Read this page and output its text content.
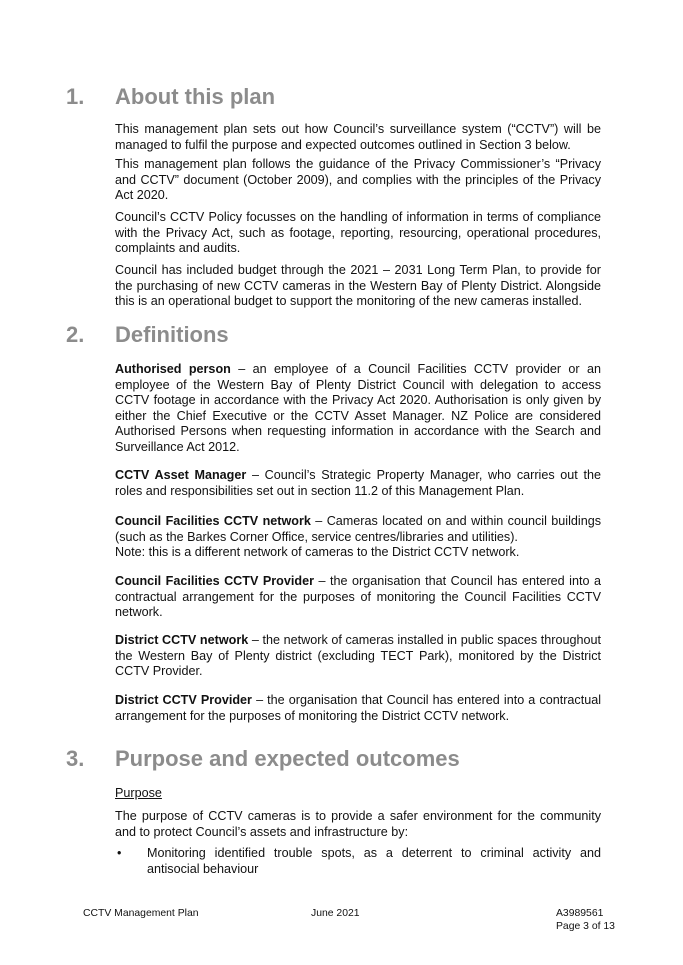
1. About this plan

This management plan sets out how Council’s surveillance system (“CCTV”) will be managed to fulfil the purpose and expected outcomes outlined in Section 3 below.

This management plan follows the guidance of the Privacy Commissioner’s “Privacy and CCTV” document (October 2009), and complies with the principles of the Privacy Act 2020.

Council’s CCTV Policy focusses on the handling of information in terms of compliance with the Privacy Act, such as footage, reporting, resourcing, operational procedures, complaints and audits.

Council has included budget through the 2021 – 2031 Long Term Plan, to provide for the purchasing of new CCTV cameras in the Western Bay of Plenty District. Alongside this is an operational budget to support the monitoring of the new cameras installed.

2. Definitions

Authorised person – an employee of a Council Facilities CCTV provider or an employee of the Western Bay of Plenty District Council with delegation to access CCTV footage in accordance with the Privacy Act 2020. Authorisation is only given by either the Chief Executive or the CCTV Asset Manager. NZ Police are considered Authorised Persons when requesting information in accordance with the Search and Surveillance Act 2012.

CCTV Asset Manager – Council’s Strategic Property Manager, who carries out the roles and responsibilities set out in section 11.2 of this Management Plan.

Council Facilities CCTV network – Cameras located on and within council buildings (such as the Barkes Corner Office, service centres/libraries and utilities).
Note: this is a different network of cameras to the District CCTV network.

Council Facilities CCTV Provider – the organisation that Council has entered into a contractual arrangement for the purposes of monitoring the Council Facilities CCTV network.

District CCTV network – the network of cameras installed in public spaces throughout the Western Bay of Plenty district (excluding TECT Park), monitored by the District CCTV Provider.

District CCTV Provider – the organisation that Council has entered into a contractual arrangement for the purposes of monitoring the District CCTV network.

3. Purpose and expected outcomes
Purpose

The purpose of CCTV cameras is to provide a safer environment for the community and to protect Council’s assets and infrastructure by:

• Monitoring identified trouble spots, as a deterrent to criminal activity and antisocial behaviour

CCTV Management Plan	June 2021	A3989561
Page 3 of 13
